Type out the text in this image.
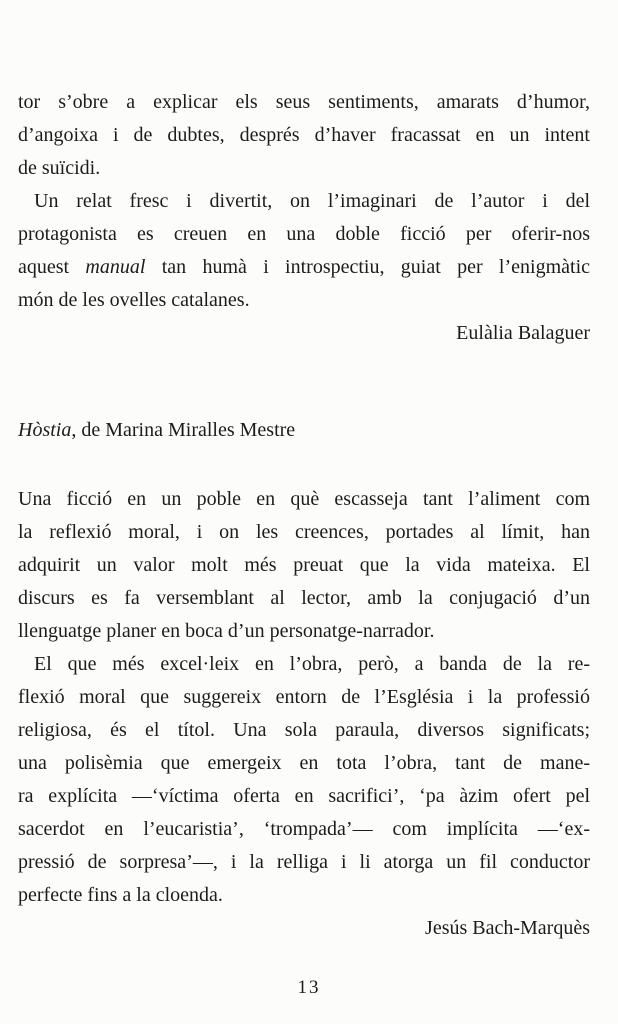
tor s’obre a explicar els seus sentiments, amarats d’humor,
d’angoixa i de dubtes, després d’haver fracassat en un intent
de suïcidi.
Un relat fresc i divertit, on l’imaginari de l’autor i del
protagonista es creuen en una doble ficció per oferir-nos
aquest manual tan humà i introspectiu, guiat per l’enigmàtic
món de les ovelles catalanes.
Eulàlia Balaguer
Hòstia, de Marina Miralles Mestre
Una ficció en un poble en què escasseja tant l’aliment com
la reflexió moral, i on les creences, portades al límit, han
adquirit un valor molt més preuat que la vida mateixa. El
discurs es fa versemblant al lector, amb la conjugació d’un
llenguatge planer en boca d’un personatge-narrador.
El que més excel·leix en l’obra, però, a banda de la re-
flexió moral que suggereix entorn de l’Església i la professió
religiosa, és el títol. Una sola paraula, diversos significats;
una polisèmia que emergeix en tota l’obra, tant de mane-
ra explícita —‘víctima oferta en sacrifici’, ‘pa àzim ofert pel
sacerdot en l’eucaristia’, ‘trompada’— com implícita —‘ex-
pressió de sorpresa’—, i la relliga i li atorga un fil conductor
perfecte fins a la cloenda.
Jesús Bach-Marquès
13
